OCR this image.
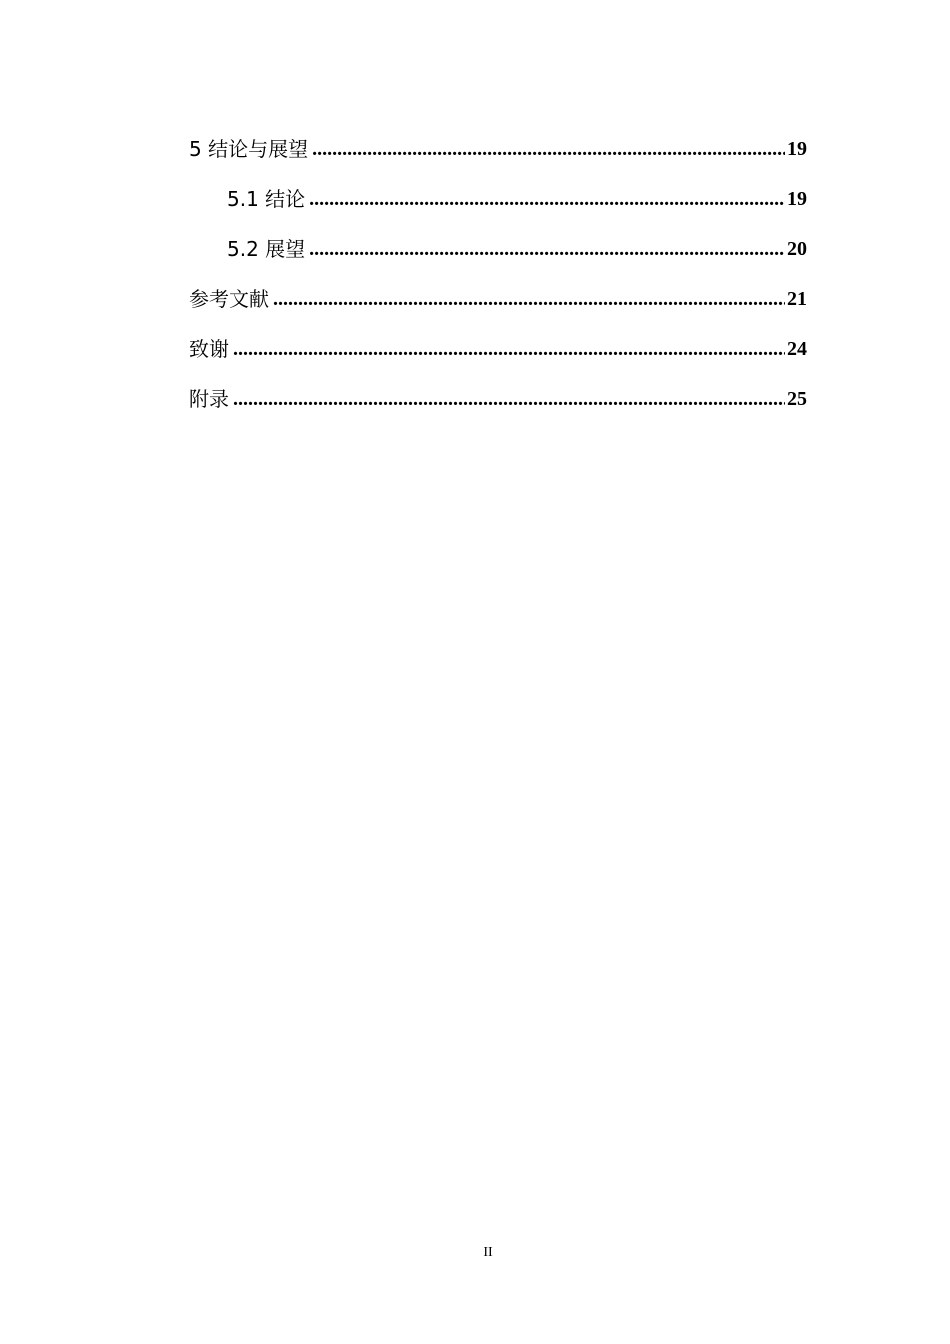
5 结论与展望 .....	19
5.1 结论 .....	19
5.2 展望 .....	20
参考文献 .....	21
致谢 .....	24
附录 .....	25
II
